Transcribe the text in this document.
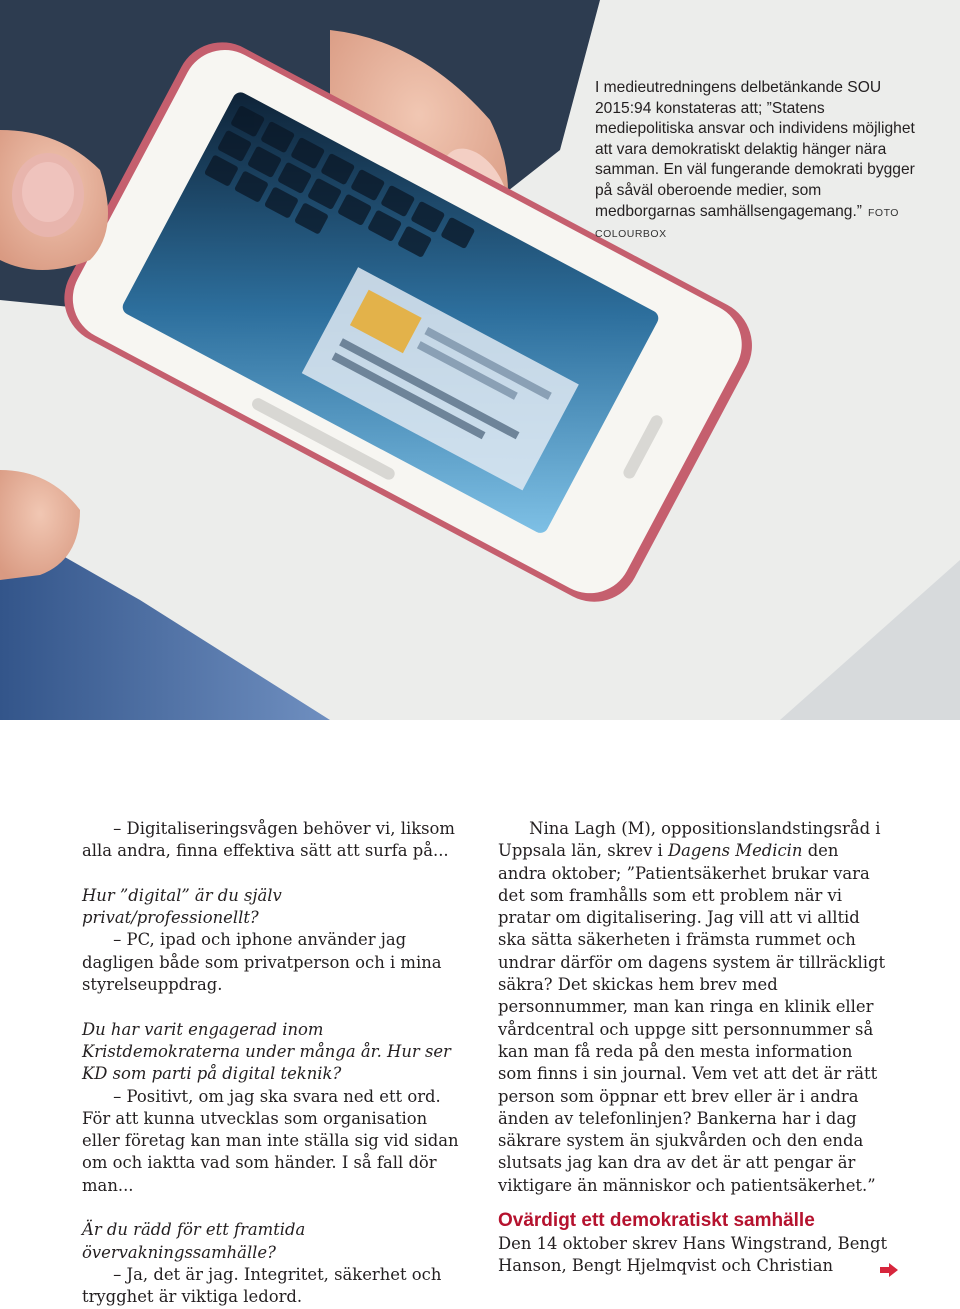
I medieutredningens delbetänkande SOU 2015:94 konstateras att; ”Statens mediepolitiska ansvar och individens möjlighet att vara demokratiskt delaktig hänger nära samman. En väl fungerande demokrati bygger på såväl oberoende medier, som medborgarnas samhällsengagemang.” FOTO COLOURBOX

– Digitaliseringsvågen behöver vi, liksom alla andra, finna effektiva sätt att surfa på...

Hur ”digital” är du själv privat/professionellt?

– PC, ipad och iphone använder jag dagligen både som privatperson och i mina styrelseuppdrag.

Du har varit engagerad inom Kristdemokraterna under många år. Hur ser KD som parti på digital teknik?

– Positivt, om jag ska svara ned ett ord.

För att kunna utvecklas som organisation eller företag kan man inte ställa sig vid sidan om och iaktta vad som händer. I så fall dör man...

Är du rädd för ett framtida övervakningssamhälle?

– Ja, det är jag. Integritet, säkerhet och trygghet är viktiga ledord.

Nina Lagh (M), oppositionslandstingsråd i Uppsala län, skrev i Dagens Medicin den andra oktober; ”Patientsäkerhet brukar vara det som framhålls som ett problem när vi pratar om digitalisering. Jag vill att vi alltid ska sätta säkerheten i främsta rummet och undrar därför om dagens system är tillräckligt säkra? Det skickas hem brev med personnummer, man kan ringa en klinik eller vårdcentral och uppge sitt personnummer så kan man få reda på den mesta information som finns i sin journal. Vem vet att det är rätt person som öppnar ett brev eller är i andra änden av telefonlinjen? Bankerna har i dag säkrare system än sjukvården och den enda slutsats jag kan dra av det är att pengar är viktigare än människor och patientsäkerhet.”

Ovärdigt ett demokratiskt samhälle

Den 14 oktober skrev Hans Wingstrand, Bengt Hanson, Bengt Hjelmqvist och Christian
